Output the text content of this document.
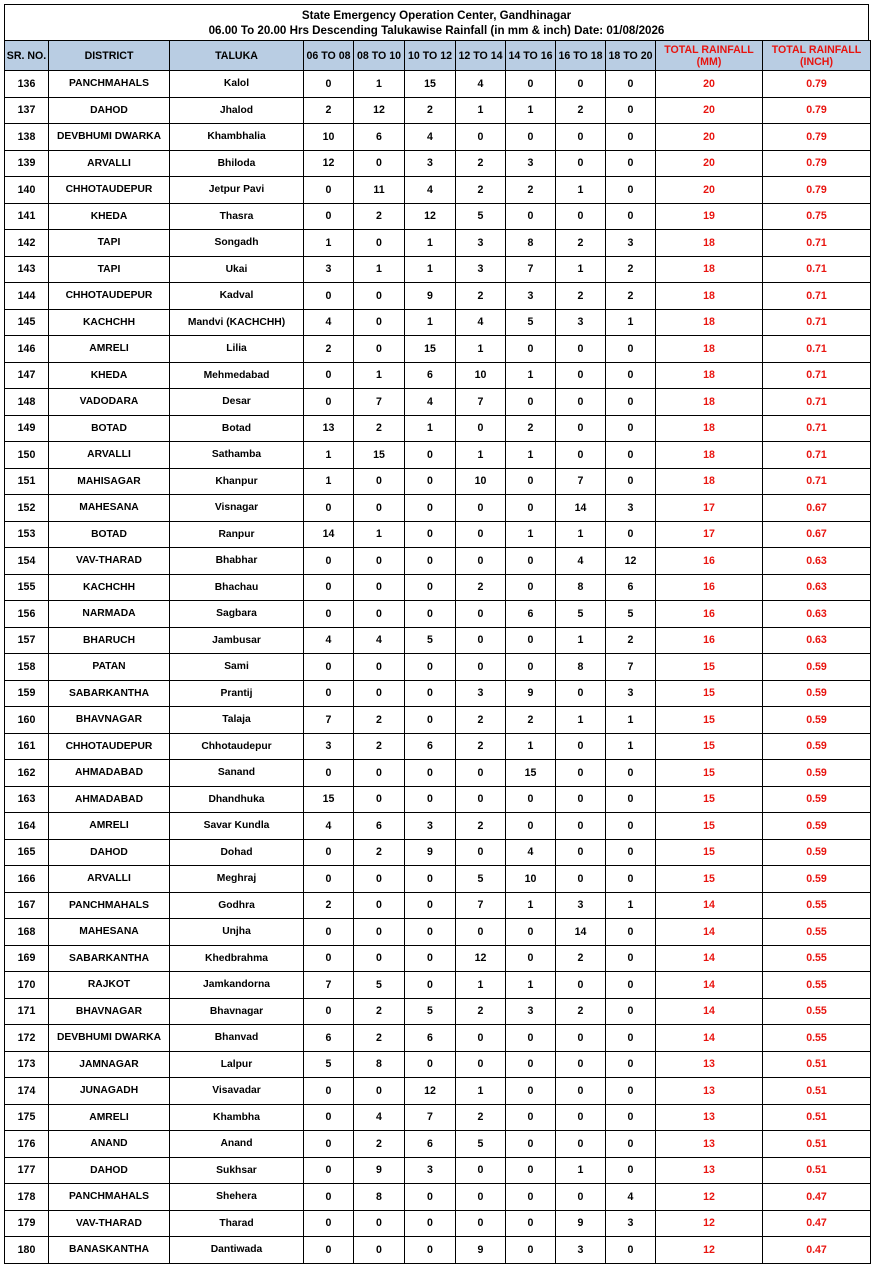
State Emergency Operation Center, Gandhinagar
06.00 To 20.00 Hrs Descending Talukawise Rainfall (in mm & inch) Date: 01/08/2026
SR. NO.	DISTRICT	TALUKA	06 TO 08	08 TO 10	10 TO 12	12 TO 14	14 TO 16	16 TO 18	18 TO 20	TOTAL RAINFALL (MM)	TOTAL RAINFALL (INCH)
136	PANCHMAHALS	Kalol	0	1	15	4	0	0	0	20	0.79
137	DAHOD	Jhalod	2	12	2	1	1	2	0	20	0.79
138	DEVBHUMI DWARKA	Khambhalia	10	6	4	0	0	0	0	20	0.79
139	ARVALLI	Bhiloda	12	0	3	2	3	0	0	20	0.79
140	CHHOTAUDEPUR	Jetpur Pavi	0	11	4	2	2	1	0	20	0.79
141	KHEDA	Thasra	0	2	12	5	0	0	0	19	0.75
142	TAPI	Songadh	1	0	1	3	8	2	3	18	0.71
143	TAPI	Ukai	3	1	1	3	7	1	2	18	0.71
144	CHHOTAUDEPUR	Kadval	0	0	9	2	3	2	2	18	0.71
145	KACHCHH	Mandvi (KACHCHH)	4	0	1	4	5	3	1	18	0.71
146	AMRELI	Lilia	2	0	15	1	0	0	0	18	0.71
147	KHEDA	Mehmedabad	0	1	6	10	1	0	0	18	0.71
148	VADODARA	Desar	0	7	4	7	0	0	0	18	0.71
149	BOTAD	Botad	13	2	1	0	2	0	0	18	0.71
150	ARVALLI	Sathamba	1	15	0	1	1	0	0	18	0.71
151	MAHISAGAR	Khanpur	1	0	0	10	0	7	0	18	0.71
152	MAHESANA	Visnagar	0	0	0	0	0	14	3	17	0.67
153	BOTAD	Ranpur	14	1	0	0	1	1	0	17	0.67
154	VAV-THARAD	Bhabhar	0	0	0	0	0	4	12	16	0.63
155	KACHCHH	Bhachau	0	0	0	2	0	8	6	16	0.63
156	NARMADA	Sagbara	0	0	0	0	6	5	5	16	0.63
157	BHARUCH	Jambusar	4	4	5	0	0	1	2	16	0.63
158	PATAN	Sami	0	0	0	0	0	8	7	15	0.59
159	SABARKANTHA	Prantij	0	0	0	3	9	0	3	15	0.59
160	BHAVNAGAR	Talaja	7	2	0	2	2	1	1	15	0.59
161	CHHOTAUDEPUR	Chhotaudepur	3	2	6	2	1	0	1	15	0.59
162	AHMADABAD	Sanand	0	0	0	0	15	0	0	15	0.59
163	AHMADABAD	Dhandhuka	15	0	0	0	0	0	0	15	0.59
164	AMRELI	Savar Kundla	4	6	3	2	0	0	0	15	0.59
165	DAHOD	Dohad	0	2	9	0	4	0	0	15	0.59
166	ARVALLI	Meghraj	0	0	0	5	10	0	0	15	0.59
167	PANCHMAHALS	Godhra	2	0	0	7	1	3	1	14	0.55
168	MAHESANA	Unjha	0	0	0	0	0	14	0	14	0.55
169	SABARKANTHA	Khedbrahma	0	0	0	12	0	2	0	14	0.55
170	RAJKOT	Jamkandorna	7	5	0	1	1	0	0	14	0.55
171	BHAVNAGAR	Bhavnagar	0	2	5	2	3	2	0	14	0.55
172	DEVBHUMI DWARKA	Bhanvad	6	2	6	0	0	0	0	14	0.55
173	JAMNAGAR	Lalpur	5	8	0	0	0	0	0	13	0.51
174	JUNAGADH	Visavadar	0	0	12	1	0	0	0	13	0.51
175	AMRELI	Khambha	0	4	7	2	0	0	0	13	0.51
176	ANAND	Anand	0	2	6	5	0	0	0	13	0.51
177	DAHOD	Sukhsar	0	9	3	0	0	1	0	13	0.51
178	PANCHMAHALS	Shehera	0	8	0	0	0	0	4	12	0.47
179	VAV-THARAD	Tharad	0	0	0	0	0	9	3	12	0.47
180	BANASKANTHA	Dantiwada	0	0	0	9	0	3	0	12	0.47
